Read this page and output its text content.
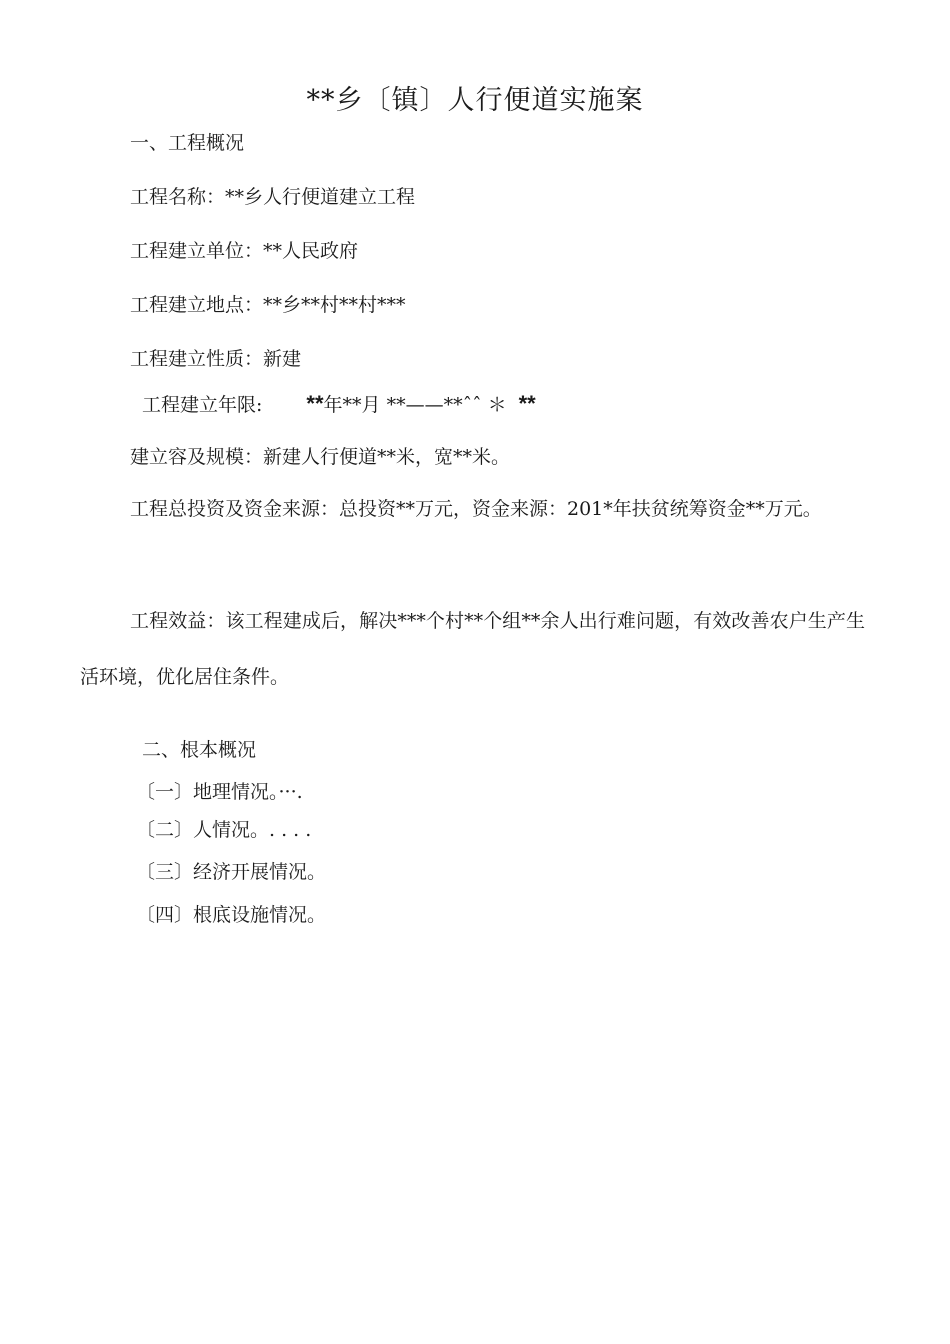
**乡〔镇〕人行便道实施案
一、工程概况
工程名称：**乡人行便道建立工程
工程建立单位：**人民政府
工程建立地点：**乡**村**村***
工程建立性质：新建
工程建立年限: **年**月 **——**ˆˆ ＊ **
建立容及规模：新建人行便道**米，宽**米。
工程总投资及资金来源：总投资**万元，资金来源：201*年扶贫统筹资金**万元。
工程效益：该工程建成后，解决***个村**个组**余人出行难问题，有效改善农户生产生活环境，优化居住条件。
二、根本概况
〔一〕地理情况。···.
〔二〕人情况。. . . .
〔三〕经济开展情况。
〔四〕根底设施情况。
